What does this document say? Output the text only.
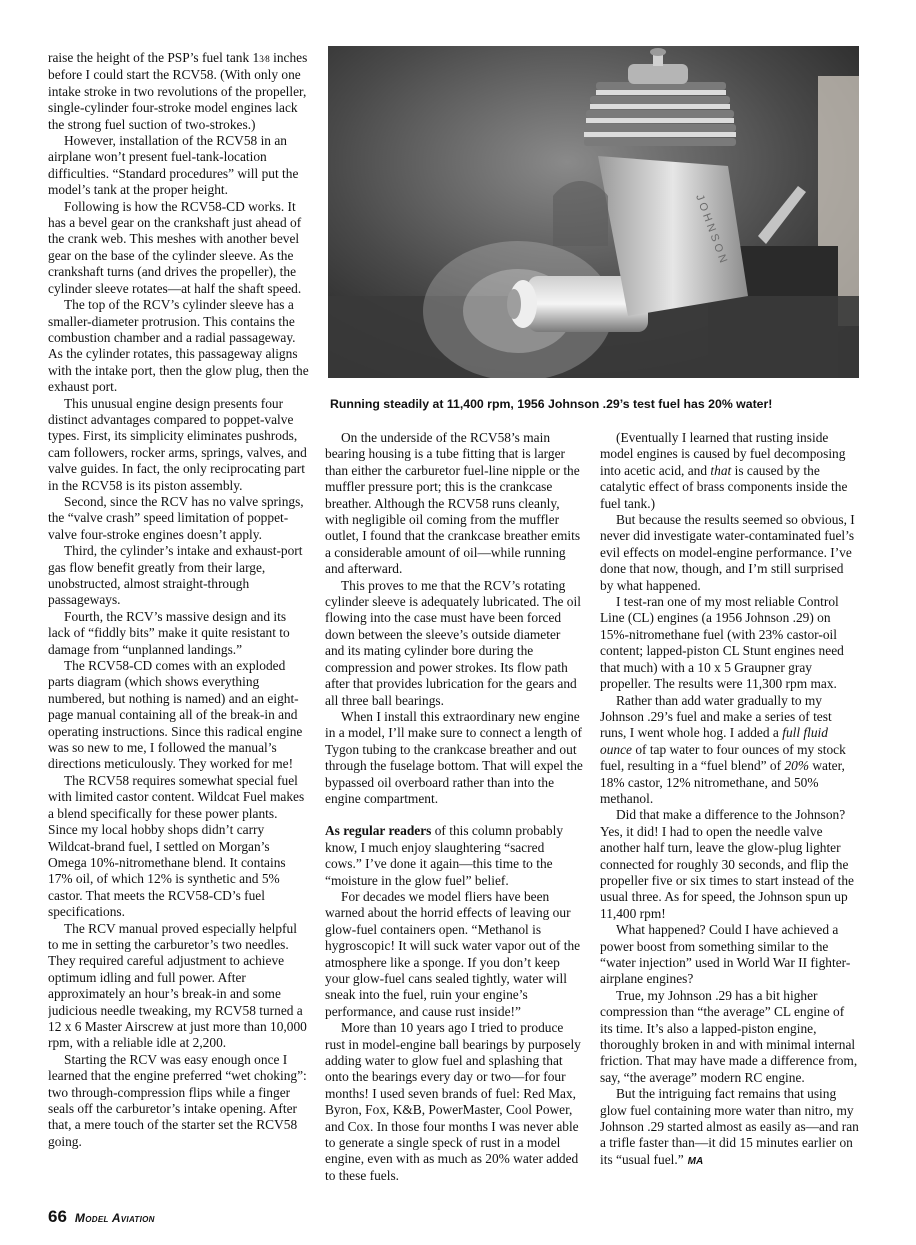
raise the height of the PSP’s fuel tank 13⁄8 inches before I could start the RCV58. (With only one intake stroke in two revolutions of the propeller, single-cylinder four-stroke model engines lack the strong fuel suction of two-strokes.)

However, installation of the RCV58 in an airplane won’t present fuel-tank-location difficulties. “Standard procedures” will put the model’s tank at the proper height.

Following is how the RCV58-CD works. It has a bevel gear on the crankshaft just ahead of the crank web. This meshes with another bevel gear on the base of the cylinder sleeve. As the crankshaft turns (and drives the propeller), the cylinder sleeve rotates—at half the shaft speed.

The top of the RCV’s cylinder sleeve has a smaller-diameter protrusion. This contains the combustion chamber and a radial passageway. As the cylinder rotates, this passageway aligns with the intake port, then the glow plug, then the exhaust port.

This unusual engine design presents four distinct advantages compared to poppet-valve types. First, its simplicity eliminates pushrods, cam followers, rocker arms, springs, valves, and valve guides. In fact, the only reciprocating part in the RCV58 is its piston assembly.

Second, since the RCV has no valve springs, the “valve crash” speed limitation of poppet-valve four-stroke engines doesn’t apply.

Third, the cylinder’s intake and exhaust-port gas flow benefit greatly from their large, unobstructed, almost straight-through passageways.

Fourth, the RCV’s massive design and its lack of “fiddly bits” make it quite resistant to damage from “unplanned landings.”

The RCV58-CD comes with an exploded parts diagram (which shows everything numbered, but nothing is named) and an eight-page manual containing all of the break-in and operating instructions. Since this radical engine was so new to me, I followed the manual’s directions meticulously. They worked for me!

The RCV58 requires somewhat special fuel with limited castor content. Wildcat Fuel makes a blend specifically for these power plants. Since my local hobby shops didn’t carry Wildcat-brand fuel, I settled on Morgan’s Omega 10%-nitromethane blend. It contains 17% oil, of which 12% is synthetic and 5% castor. That meets the RCV58-CD’s fuel specifications.

The RCV manual proved especially helpful to me in setting the carburetor’s two needles. They required careful adjustment to achieve optimum idling and full power. After approximately an hour’s break-in and some judicious needle tweaking, my RCV58 turned a 12 x 6 Master Airscrew at just more than 10,000 rpm, with a reliable idle at 2,200.

Starting the RCV was easy enough once I learned that the engine preferred “wet choking”: two through-compression flips while a finger seals off the carburetor’s intake opening. After that, a mere touch of the starter set the RCV58 going.

JOHNSON
Running steadily at 11,400 rpm, 1956 Johnson .29’s test fuel has 20% water!

On the underside of the RCV58’s main bearing housing is a tube fitting that is larger than either the carburetor fuel-line nipple or the muffler pressure port; this is the crankcase breather. Although the RCV58 runs cleanly, with negligible oil coming from the muffler outlet, I found that the crankcase breather emits a considerable amount of oil—while running and afterward.

This proves to me that the RCV’s rotating cylinder sleeve is adequately lubricated. The oil flowing into the case must have been forced down between the sleeve’s outside diameter and its mating cylinder bore during the compression and power strokes. Its flow path after that provides lubrication for the gears and all three ball bearings.

When I install this extraordinary new engine in a model, I’ll make sure to connect a length of Tygon tubing to the crankcase breather and out through the fuselage bottom. That will expel the bypassed oil overboard rather than into the engine compartment.

As regular readers of this column probably know, I much enjoy slaughtering “sacred cows.” I’ve done it again—this time to the “moisture in the glow fuel” belief.

For decades we model fliers have been warned about the horrid effects of leaving our glow-fuel containers open. “Methanol is hygroscopic! It will suck water vapor out of the atmosphere like a sponge. If you don’t keep your glow-fuel cans sealed tightly, water will sneak into the fuel, ruin your engine’s performance, and cause rust inside!”

More than 10 years ago I tried to produce rust in model-engine ball bearings by purposely adding water to glow fuel and splashing that onto the bearings every day or two—for four months! I used seven brands of fuel: Red Max, Byron, Fox, K&B, PowerMaster, Cool Power, and Cox. In those four months I was never able to generate a single speck of rust in a model engine, even with as much as 20% water added to these fuels.

(Eventually I learned that rusting inside model engines is caused by fuel decomposing into acetic acid, and that is caused by the catalytic effect of brass components inside the fuel tank.)

But because the results seemed so obvious, I never did investigate water-contaminated fuel’s evil effects on model-engine performance. I’ve done that now, though, and I’m still surprised by what happened.

I test-ran one of my most reliable Control Line (CL) engines (a 1956 Johnson .29) on 15%-nitromethane fuel (with 23% castor-oil content; lapped-piston CL Stunt engines need that much) with a 10 x 5 Graupner gray propeller. The results were 11,300 rpm max.

Rather than add water gradually to my Johnson .29’s fuel and make a series of test runs, I went whole hog. I added a full fluid ounce of tap water to four ounces of my stock fuel, resulting in a “fuel blend” of 20% water, 18% castor, 12% nitromethane, and 50% methanol.

Did that make a difference to the Johnson? Yes, it did! I had to open the needle valve another half turn, leave the glow-plug lighter connected for roughly 30 seconds, and flip the propeller five or six times to start instead of the usual three. As for speed, the Johnson spun up 11,400 rpm!

What happened? Could I have achieved a power boost from something similar to the “water injection” used in World War II fighter-airplane engines?

True, my Johnson .29 has a bit higher compression than “the average” CL engine of its time. It’s also a lapped-piston engine, thoroughly broken in and with minimal internal friction. That may have made a difference from, say, “the average” modern RC engine.

But the intriguing fact remains that using glow fuel containing more water than nitro, my Johnson .29 started almost as easily as—and ran a trifle faster than—it did 15 minutes earlier on its “usual fuel.” MA

66 Model Aviation
